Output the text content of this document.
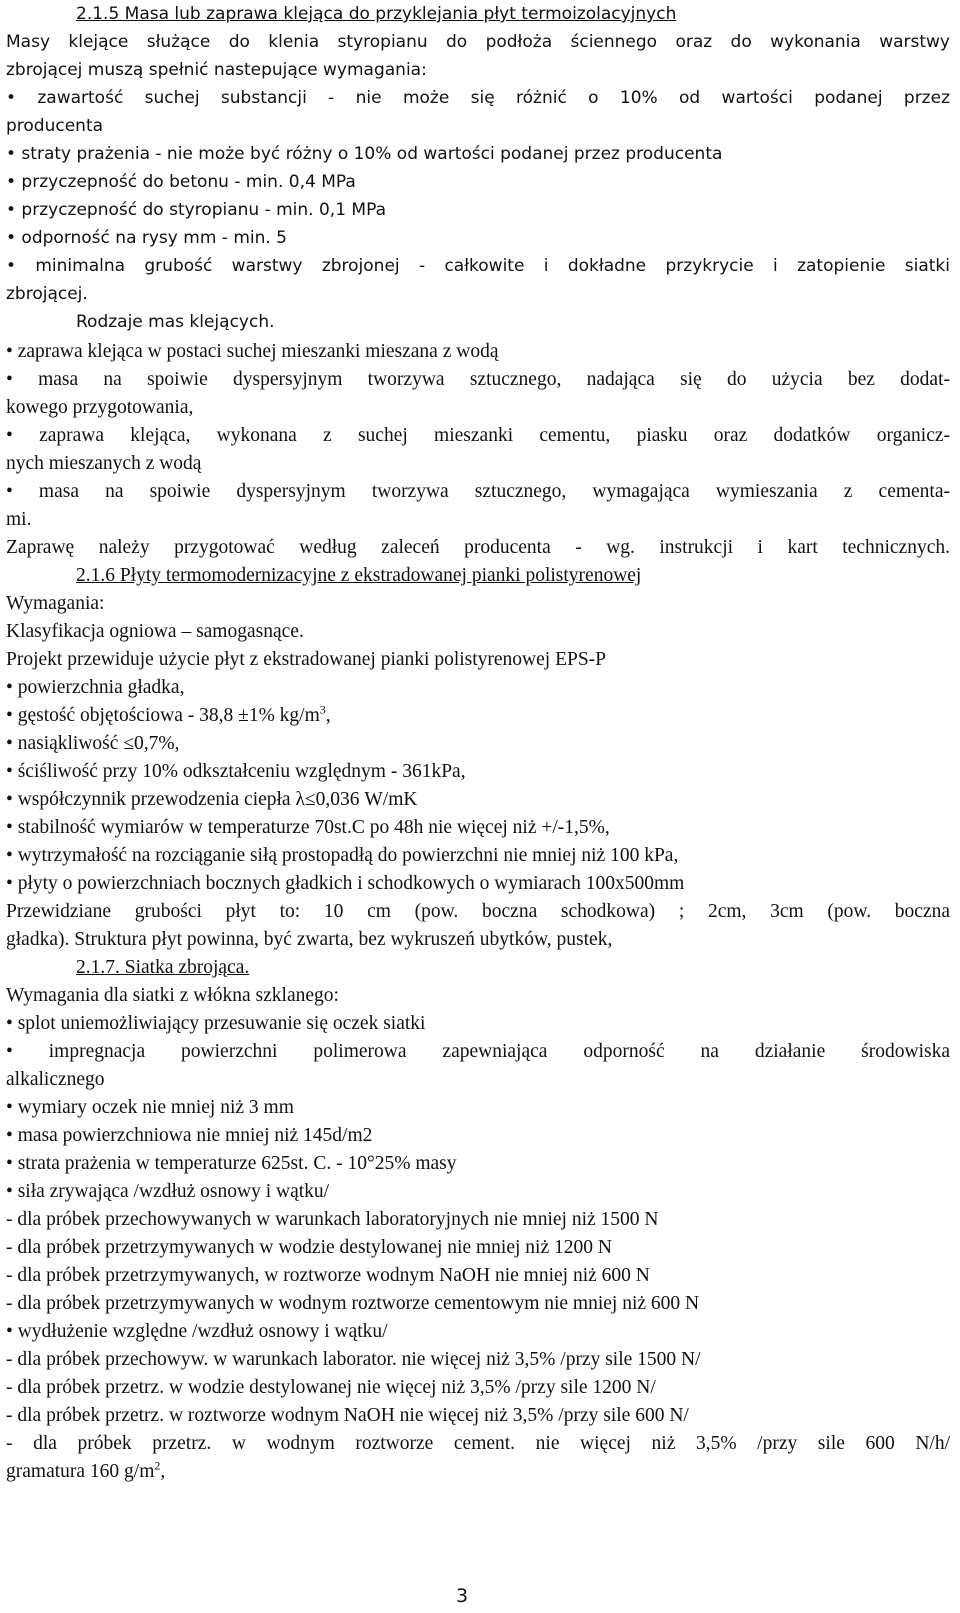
2.1.5 Masa lub zaprawa klejąca do przyklejania płyt termoizolacyjnych
Masy klejące służące do klenia styropianu do podłoża ściennego oraz do wykonania warstwy
zbrojącej muszą spełnić nastepujące wymagania:
• zawartość suchej substancji - nie może się różnić o 10% od wartości podanej przez
producenta
• straty prażenia - nie może być różny o 10% od wartości podanej przez producenta
• przyczepność do betonu - min. 0,4 MPa
• przyczepność do styropianu - min. 0,1 MPa
• odporność na rysy mm - min. 5
• minimalna grubość warstwy zbrojonej - całkowite i dokładne przykrycie i zatopienie siatki
zbrojącej.
Rodzaje mas klejących.
• zaprawa klejąca w postaci suchej mieszanki mieszana z wodą
• masa na spoiwie dyspersyjnym tworzywa sztucznego, nadająca się do użycia bez dodat-
kowego przygotowania,
• zaprawa klejąca, wykonana z suchej mieszanki cementu, piasku oraz dodatków organicz-
nych mieszanych z wodą
• masa na spoiwie dyspersyjnym tworzywa sztucznego, wymagająca wymieszania z cementa-
mi.
Zaprawę należy przygotować według zaleceń producenta - wg. instrukcji i kart technicznych.
2.1.6 Płyty termomodernizacyjne z ekstradowanej pianki polistyrenowej
Wymagania:
Klasyfikacja ogniowa – samogasnące.
Projekt przewiduje użycie płyt z ekstradowanej pianki polistyrenowej EPS-P
• powierzchnia gładka,
• gęstość objętościowa - 38,8 ±1% $kg/m^3$,
• nasiąkliwość ≤0,7%,
• ściśliwość przy 10% odkształceniu względnym - 361kPa,
• współczynnik przewodzenia ciepła λ≤0,036 W/mK
• stabilność wymiarów w temperaturze 70st.C po 48h nie więcej niż +/-1,5%,
• wytrzymałość na rozciąganie siłą prostopadłą do powierzchni nie mniej niż 100 kPa,
• płyty o powierzchniach bocznych gładkich i schodkowych o wymiarach 100x500mm
Przewidziane grubości płyt to: 10 cm (pow. boczna schodkowa) ; 2cm, 3cm (pow. boczna
gładka). Struktura płyt powinna, być zwarta, bez wykruszeń ubytków, pustek,
2.1.7. Siatka zbrojąca.
Wymagania dla siatki z włókna szklanego:
• splot uniemożliwiający przesuwanie się oczek siatki
• impregnacja powierzchni polimerowa zapewniająca odporność na działanie środowiska
alkalicznego
• wymiary oczek nie mniej niż 3 mm
• masa powierzchniowa nie mniej niż 145d/m2
• strata prażenia w temperaturze 625st. C. - 10°25% masy
• siła zrywająca /wzdłuż osnowy i wątku/
- dla próbek przechowywanych w warunkach laboratoryjnych nie mniej niż 1500 N
- dla próbek przetrzymywanych w wodzie destylowanej nie mniej niż 1200 N
- dla próbek przetrzymywanych, w roztworze wodnym NaOH nie mniej niż 600 N
- dla próbek przetrzymywanych w wodnym roztworze cementowym nie mniej niż 600 N
• wydłużenie względne /wzdłuż osnowy i wątku/
- dla próbek przechowyw. w warunkach laborator. nie więcej niż 3,5% /przy sile 1500 N/
- dla próbek przetrz. w wodzie destylowanej nie więcej niż 3,5% /przy sile 1200 N/
- dla próbek przetrz. w roztworze wodnym NaOH nie więcej niż 3,5% /przy sile 600 N/
- dla próbek przetrz. w wodnym roztworze cement. nie więcej niż 3,5% /przy sile 600 N/h/
gramatura 160 $g/m^2$,
3
